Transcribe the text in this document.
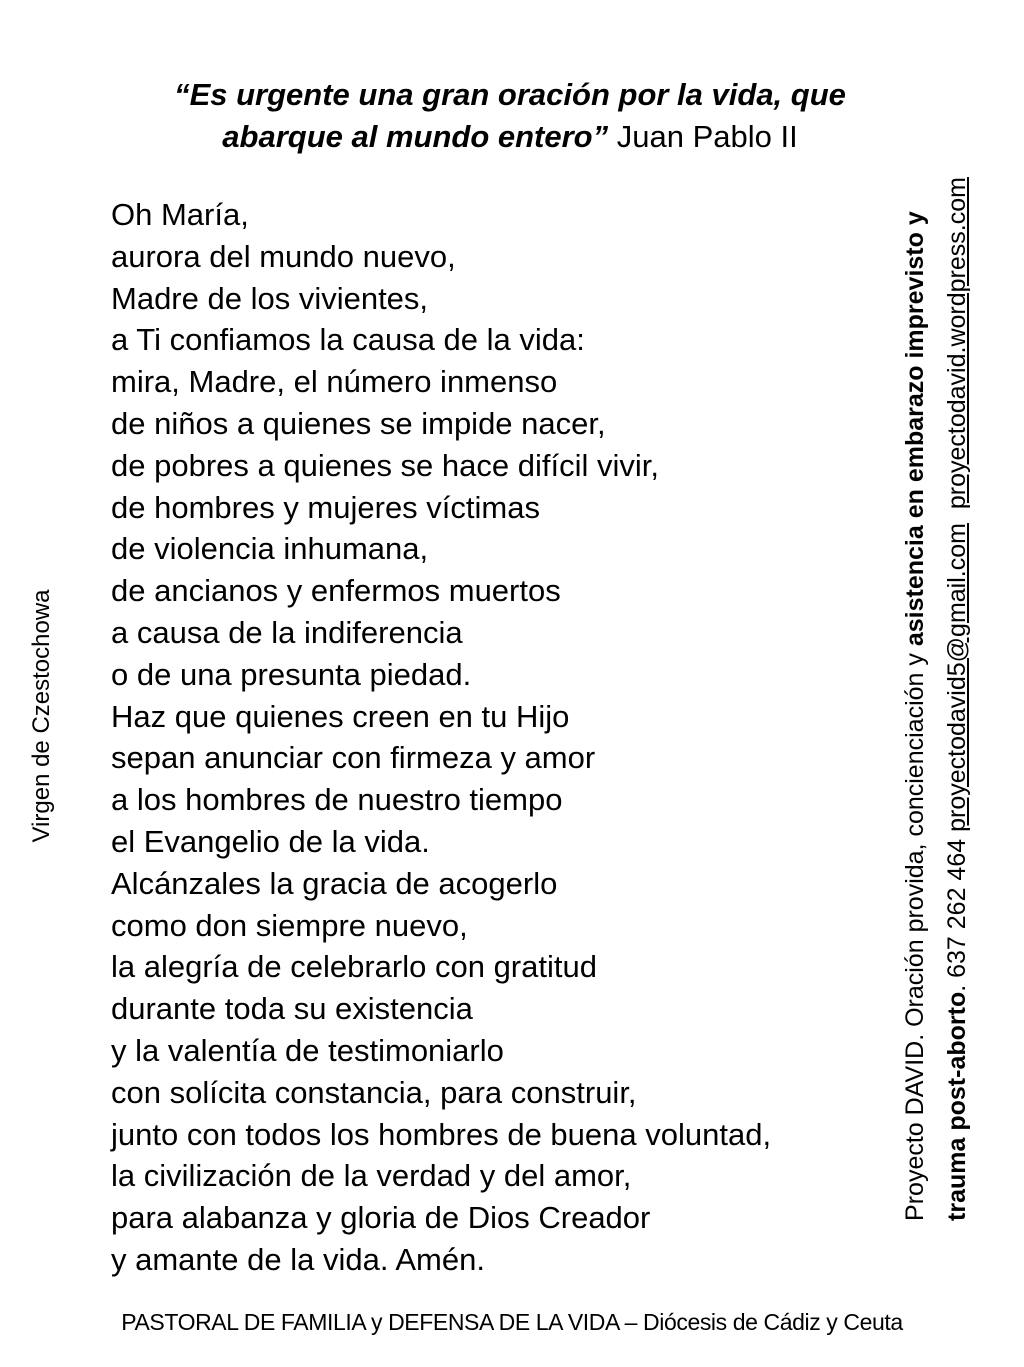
“Es urgente una gran oración por la vida, que
abarque al mundo entero” Juan Pablo II
Oh María,
aurora del mundo nuevo,
Madre de los vivientes,
a Ti confiamos la causa de la vida:
mira, Madre, el número inmenso
de niños a quienes se impide nacer,
de pobres a quienes se hace difícil vivir,
de hombres y mujeres víctimas
de violencia inhumana,
de ancianos y enfermos muertos
a causa de la indiferencia
o de una presunta piedad.
Haz que quienes creen en tu Hijo
sepan anunciar con firmeza y amor
a los hombres de nuestro tiempo
el Evangelio de la vida.
Alcánzales la gracia de acogerlo
como don siempre nuevo,
la alegría de celebrarlo con gratitud
durante toda su existencia
y la valentía de testimoniarlo
con solícita constancia, para construir,
junto con todos los hombres de buena voluntad,
la civilización de la verdad y del amor,
para alabanza y gloria de Dios Creador
y amante de la vida. Amén.
Virgen de Czestochowa	Proyecto DAVID. Oración provida, concienciación y asistencia en embarazo imprevisto y
trauma post-aborto. 637 262 464 proyectodavid5@gmail.com  proyectodavid.wordpress.com
PASTORAL DE FAMILIA y DEFENSA DE LA VIDA – Diócesis de Cádiz y Ceuta
